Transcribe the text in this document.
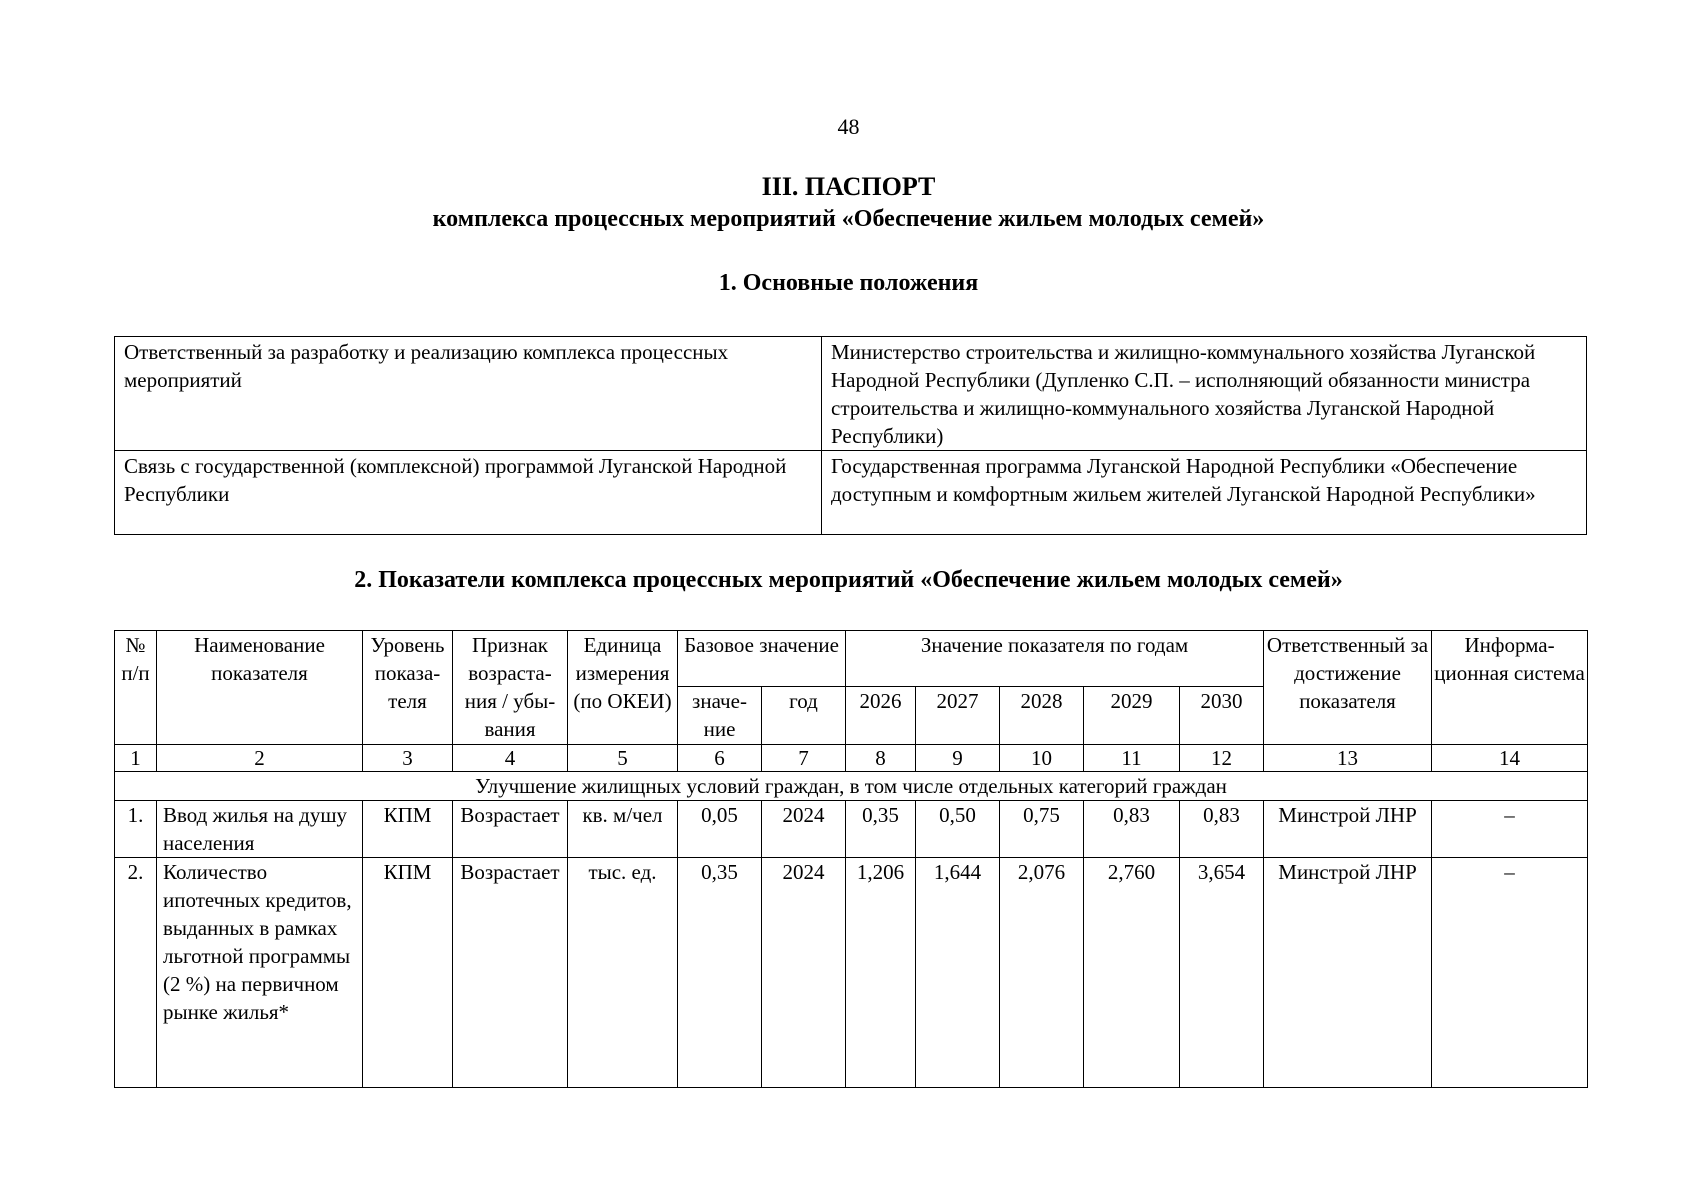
48
III. ПАСПОРТ
комплекса процессных мероприятий «Обеспечение жильем молодых семей»
1. Основные положения
Ответственный за разработку и реализацию комплекса процессных мероприятий	Министерство строительства и жилищно-коммунального хозяйства Луганской Народной Республики (Дупленко С.П. – исполняющий обязанности министра строительства и жилищно-коммунального хозяйства Луганской Народной Республики)
Связь с государственной (комплексной) программой Луганской Народной Республики	Государственная программа Луганской Народной Республики «Обеспечение доступным и комфортным жильем жителей Луганской Народной Республики»
2. Показатели комплекса процессных мероприятий «Обеспечение жильем молодых семей»
№ п/п	Наименование показателя	Уровень показа-теля	Признак возраста-ния / убы-вания	Единица измерения (по ОКЕИ)	Базовое значение		Значение показателя по годам					Ответственный за достижение показателя	Информа-ционная система
					значе-ние	год	2026	2027	2028	2029	2030		
1	2	3	4	5	6	7	8	9	10	11	12	13	14
Улучшение жилищных условий граждан, в том числе отдельных категорий граждан													
1.	Ввод жилья на душу населения	КПМ	Возрастает	кв. м/чел	0,05	2024	0,35	0,50	0,75	0,83	0,83	Минстрой ЛНР	–
2.	Количество ипотечных кредитов, выданных в рамках льготной программы (2 %) на первичном рынке жилья*	КПМ	Возрастает	тыс. ед.	0,35	2024	1,206	1,644	2,076	2,760	3,654	Минстрой ЛНР	–
